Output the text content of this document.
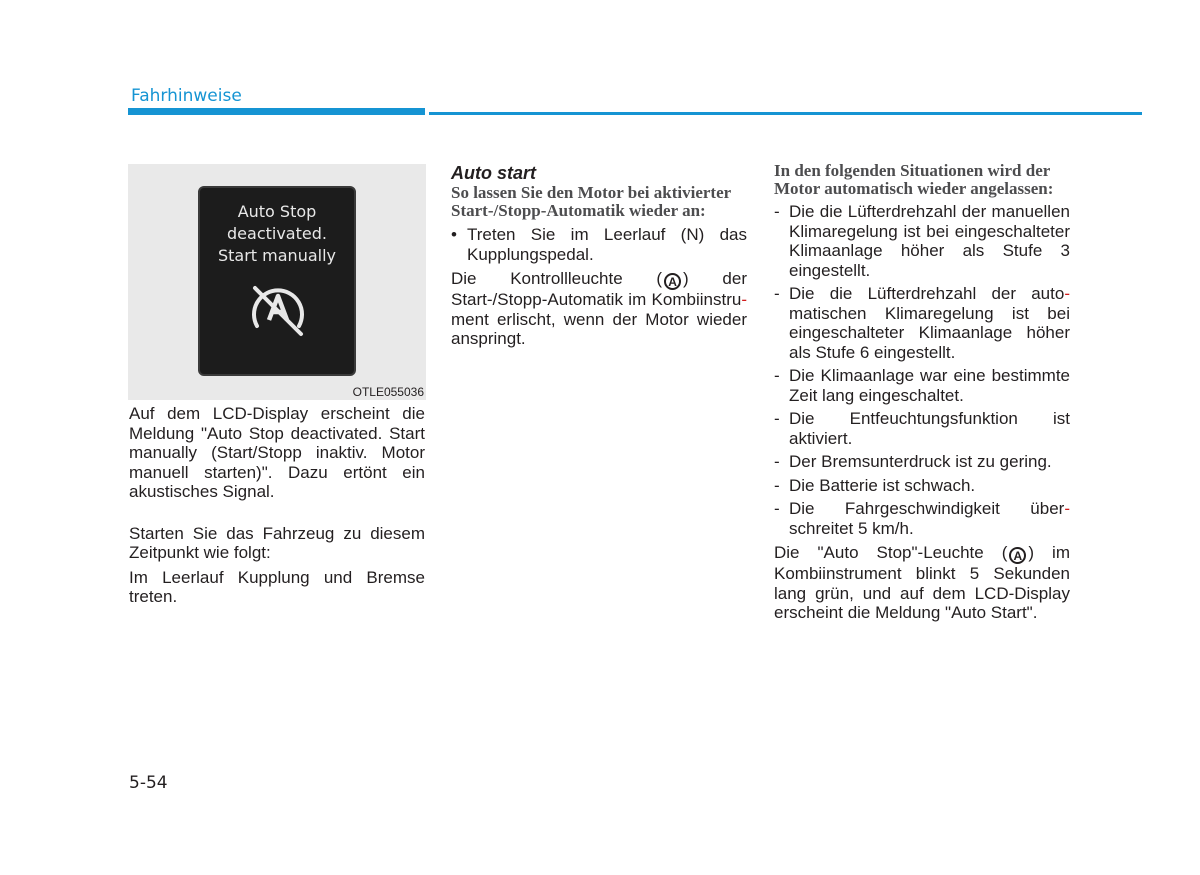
Fahrhinweise
Auto Stop
deactivated.
Start manually
OTLE055036

Auf dem LCD-Display erscheint die Meldung "Auto Stop deactivated. Start manually (Start/Stopp inaktiv. Motor manuell starten)". Dazu ertönt ein akustisches Signal.

Starten Sie das Fahrzeug zu diesem Zeitpunkt wie folgt:

Im Leerlauf Kupplung und Bremse treten.

Auto start
So lassen Sie den Motor bei aktivierter Start-/Stopp-Automatik wieder an:
• Treten Sie im Leerlauf (N) das Kupplungspedal.

Die Kontrollleuchte ( A ) der Start-/Stopp-Automatik im Kombiinstru-ment erlischt, wenn der Motor wieder anspringt.

In den folgenden Situationen wird der Motor automatisch wieder angelassen:
- Die die Lüfterdrehzahl der manuellen Klimaregelung ist bei eingeschalteter Klimaanlage höher als Stufe 3 eingestellt.
- Die die Lüfterdrehzahl der auto-matischen Klimaregelung ist bei eingeschalteter Klimaanlage höher als Stufe 6 eingestellt.
- Die Klimaanlage war eine bestimmte Zeit lang eingeschaltet.
- Die Entfeuchtungsfunktion ist aktiviert.
- Der Bremsunterdruck ist zu gering.
- Die Batterie ist schwach.
- Die Fahrgeschwindigkeit über-schreitet 5 km/h.

Die "Auto Stop"-Leuchte ( A ) im Kombiinstrument blinkt 5 Sekunden lang grün, und auf dem LCD-Display erscheint die Meldung "Auto Start".

5-54
